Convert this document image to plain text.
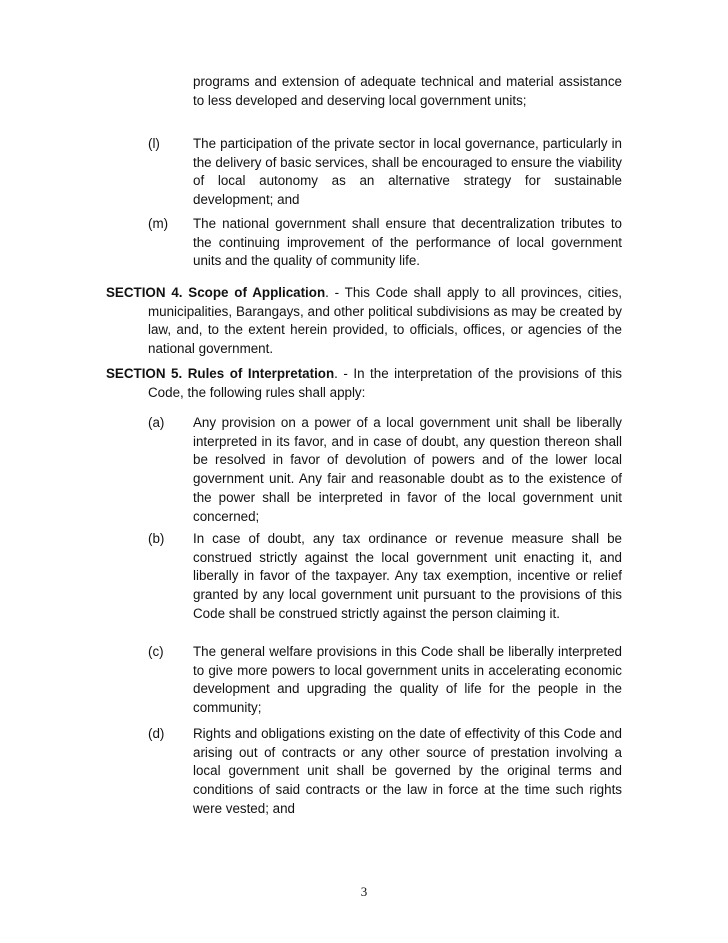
programs and extension of adequate technical and material assistance to less developed and deserving local government units;
(l) The participation of the private sector in local governance, particularly in the delivery of basic services, shall be encouraged to ensure the viability of local autonomy as an alternative strategy for sustainable development; and
(m) The national government shall ensure that decentralization tributes to the continuing improvement of the performance of local government units and the quality of community life.

SECTION 4. Scope of Application. - This Code shall apply to all provinces, cities, municipalities, Barangays, and other political subdivisions as may be created by law, and, to the extent herein provided, to officials, offices, or agencies of the national government.

SECTION 5. Rules of Interpretation. - In the interpretation of the provisions of this Code, the following rules shall apply:

(a) Any provision on a power of a local government unit shall be liberally interpreted in its favor, and in case of doubt, any question thereon shall be resolved in favor of devolution of powers and of the lower local government unit. Any fair and reasonable doubt as to the existence of the power shall be interpreted in favor of the local government unit concerned;
(b) In case of doubt, any tax ordinance or revenue measure shall be construed strictly against the local government unit enacting it, and liberally in favor of the taxpayer. Any tax exemption, incentive or relief granted by any local government unit pursuant to the provisions of this Code shall be construed strictly against the person claiming it.
(c) The general welfare provisions in this Code shall be liberally interpreted to give more powers to local government units in accelerating economic development and upgrading the quality of life for the people in the community;
(d) Rights and obligations existing on the date of effectivity of this Code and arising out of contracts or any other source of prestation involving a local government unit shall be governed by the original terms and conditions of said contracts or the law in force at the time such rights were vested; and
3
